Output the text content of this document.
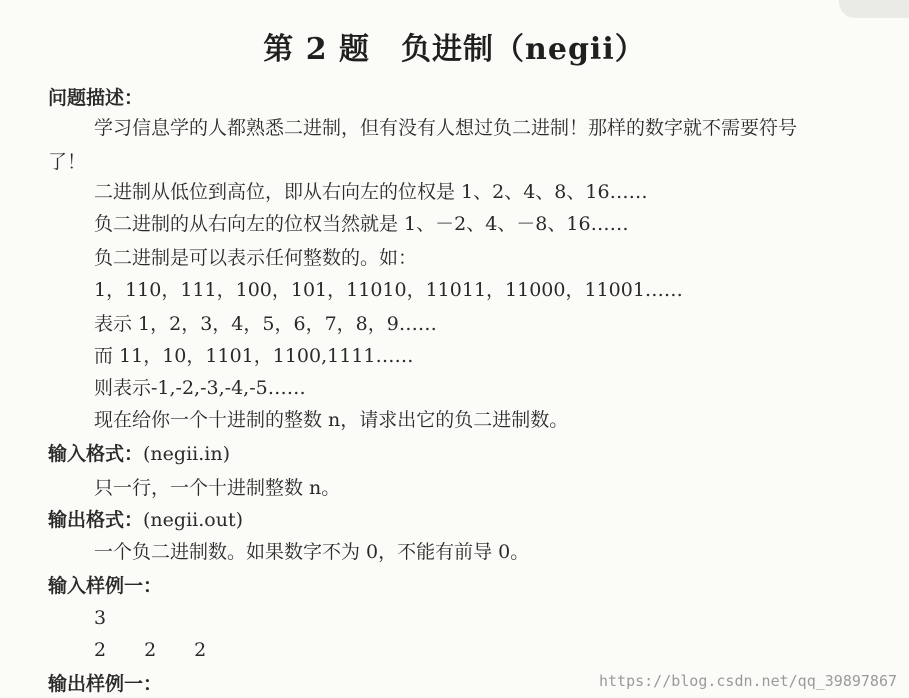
第 2 题　负进制（negii）
问题描述：
学习信息学的人都熟悉二进制，但有没有人想过负二进制！那样的数字就不需要符号
了！
二进制从低位到高位，即从右向左的位权是 1、2、4、8、16……
负二进制的从右向左的位权当然就是 1、－2、4、－8、16……
负二进制是可以表示任何整数的。如：
1，110，111，100，101，11010，11011，11000，11001……
表示 1，2，3，4，5，6，7，8，9……
而 11，10，1101，1100,1111……
则表示-1,-2,-3,-4,-5……
现在给你一个十进制的整数 n，请求出它的负二进制数。
输入格式：(negii.in)
只一行，一个十进制整数 n。
输出格式：(negii.out)
一个负二进制数。如果数字不为 0，不能有前导 0。
输入样例一：
3
2　　2　　2
输出样例一：	https://blog.csdn.net/qq_39897867
